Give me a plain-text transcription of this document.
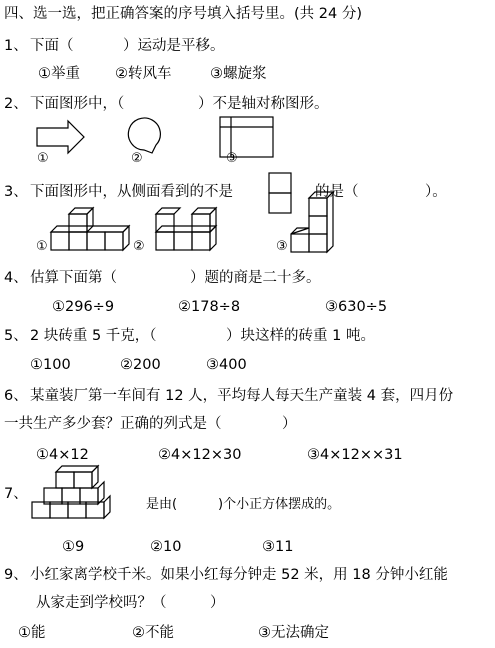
四、选一选，把正确答案的序号填入括号里。(共 24 分)
1、 下面（	）运动是平移。
①举重 ②转风车	③螺旋浆
2、 下面图形中，（	）不是轴对称图形。
①	②	③
3、 下面图形中，从侧面看到的不是	的是（	）。
①	②	③
4、 估算下面第（	）题的商是二十多。
①296÷9	②178÷8	③630÷5
5、 2 块砖重 5 千克，（	）块这样的砖重 1 吨。
①100	②200	③400
6、 某童装厂第一车间有 12 人，平均每人每天生产童装 4 套，四月份
一共生产多少套？正确的列式是（	）
①4×12	②4×12×30	③4×12××31
7、
是由(	)个小正方体摆成的。
①9	②10	③11
9、 小红家离学校千米。如果小红每分钟走 52 米，用 18 分钟小红能
从家走到学校吗？（	）
①能	②不能	③无法确定
